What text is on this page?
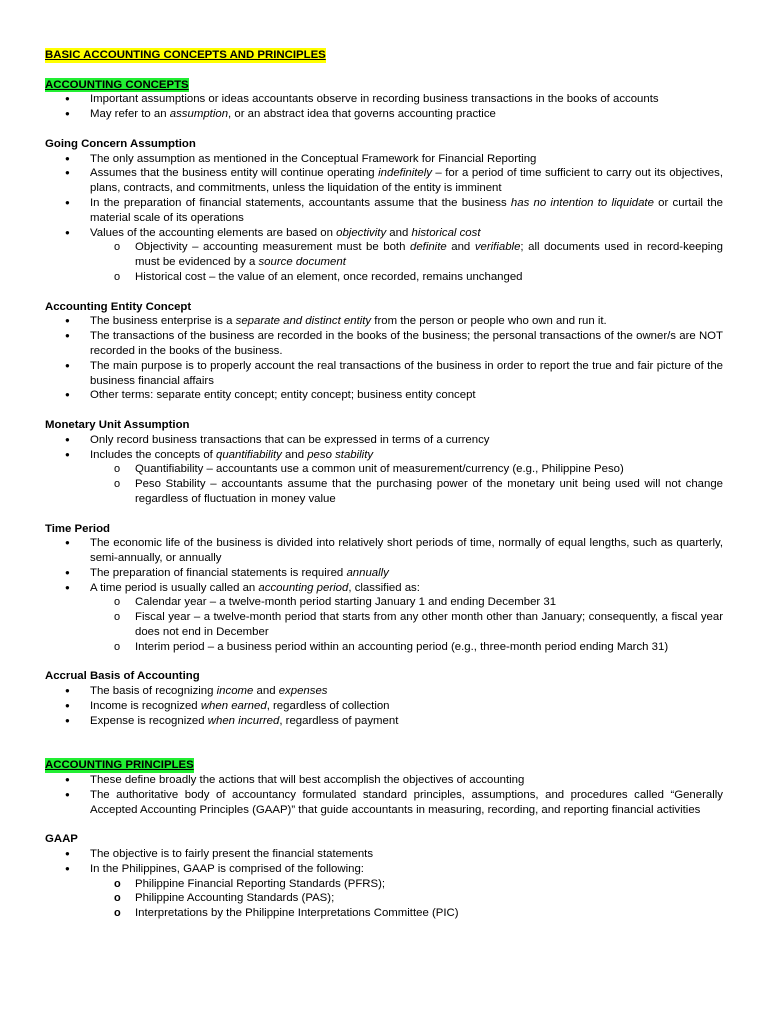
BASIC ACCOUNTING CONCEPTS AND PRINCIPLES
ACCOUNTING CONCEPTS
● Important assumptions or ideas accountants observe in recording business transactions in the books of accounts
● May refer to an assumption, or an abstract idea that governs accounting practice
Going Concern Assumption
● The only assumption as mentioned in the Conceptual Framework for Financial Reporting
● Assumes that the business entity will continue operating indefinitely – for a period of time sufficient to carry out its objectives, plans, contracts, and commitments, unless the liquidation of the entity is imminent
● In the preparation of financial statements, accountants assume that the business has no intention to liquidate or curtail the material scale of its operations
● Values of the accounting elements are based on objectivity and historical cost
o Objectivity – accounting measurement must be both definite and verifiable; all documents used in record-keeping must be evidenced by a source document
o Historical cost – the value of an element, once recorded, remains unchanged
Accounting Entity Concept
● The business enterprise is a separate and distinct entity from the person or people who own and run it.
● The transactions of the business are recorded in the books of the business; the personal transactions of the owner/s are NOT recorded in the books of the business.
● The main purpose is to properly account the real transactions of the business in order to report the true and fair picture of the business financial affairs
● Other terms: separate entity concept; entity concept; business entity concept
Monetary Unit Assumption
● Only record business transactions that can be expressed in terms of a currency
● Includes the concepts of quantifiability and peso stability
o Quantifiability – accountants use a common unit of measurement/currency (e.g., Philippine Peso)
o Peso Stability – accountants assume that the purchasing power of the monetary unit being used will not change regardless of fluctuation in money value
Time Period
● The economic life of the business is divided into relatively short periods of time, normally of equal lengths, such as quarterly, semi-annually, or annually
● The preparation of financial statements is required annually
● A time period is usually called an accounting period, classified as:
o Calendar year – a twelve-month period starting January 1 and ending December 31
o Fiscal year – a twelve-month period that starts from any other month other than January; consequently, a fiscal year does not end in December
o Interim period – a business period within an accounting period (e.g., three-month period ending March 31)
Accrual Basis of Accounting
● The basis of recognizing income and expenses
● Income is recognized when earned, regardless of collection
● Expense is recognized when incurred, regardless of payment
ACCOUNTING PRINCIPLES
● These define broadly the actions that will best accomplish the objectives of accounting
● The authoritative body of accountancy formulated standard principles, assumptions, and procedures called “Generally Accepted Accounting Principles (GAAP)” that guide accountants in measuring, recording, and reporting financial activities
GAAP
● The objective is to fairly present the financial statements
● In the Philippines, GAAP is comprised of the following:
o Philippine Financial Reporting Standards (PFRS);
o Philippine Accounting Standards (PAS);
o Interpretations by the Philippine Interpretations Committee (PIC)
